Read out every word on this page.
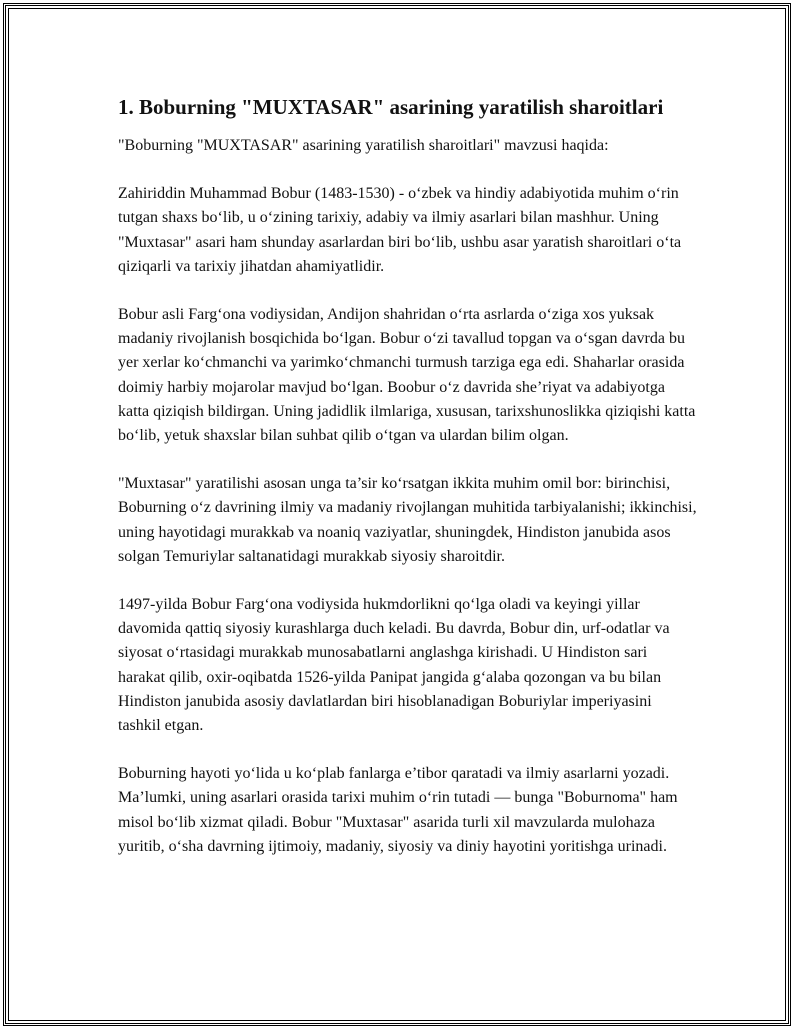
1. Boburning "MUXTASAR" asarining yaratilish sharoitlari

"Boburning "MUXTASAR" asarining yaratilish sharoitlari" mavzusi haqida:

Zahiriddin Muhammad Bobur (1483-1530) - o‘zbek va hindiy adabiyotida muhim o‘rin tutgan shaxs bo‘lib, u o‘zining tarixiy, adabiy va ilmiy asarlari bilan mashhur. Uning "Muxtasar" asari ham shunday asarlardan biri bo‘lib, ushbu asar yaratish sharoitlari o‘ta qiziqarli va tarixiy jihatdan ahamiyatlidir.

Bobur asli Farg‘ona vodiysidan, Andijon shahridan o‘rta asrlarda o‘ziga xos yuksak madaniy rivojlanish bosqichida bo‘lgan. Bobur o‘zi tavallud topgan va o‘sgan davrda bu yer xerlar ko‘chmanchi va yarimko‘chmanchi turmush tarziga ega edi. Shaharlar orasida doimiy harbiy mojarolar mavjud bo‘lgan. Boobur o‘z davrida she’riyat va adabiyotga katta qiziqish bildirgan. Uning jadidlik ilmlariga, xususan, tarixshunoslikka qiziqishi katta bo‘lib, yetuk shaxslar bilan suhbat qilib o‘tgan va ulardan bilim olgan.

"Muxtasar" yaratilishi asosan unga ta’sir ko‘rsatgan ikkita muhim omil bor: birinchisi, Boburning o‘z davrining ilmiy va madaniy rivojlangan muhitida tarbiyalanishi; ikkinchisi, uning hayotidagi murakkab va noaniq vaziyatlar, shuningdek, Hindiston janubida asos solgan Temuriylar saltanatidagi murakkab siyosiy sharoitdir.

1497-yilda Bobur Farg‘ona vodiysida hukmdorlikni qo‘lga oladi va keyingi yillar davomida qattiq siyosiy kurashlarga duch keladi. Bu davrda, Bobur din, urf-odatlar va siyosat o‘rtasidagi murakkab munosabatlarni anglashga kirishadi. U Hindiston sari harakat qilib, oxir-oqibatda 1526-yilda Panipat jangida g‘alaba qozongan va bu bilan Hindiston janubida asosiy davlatlardan biri hisoblanadigan Boburiylar imperiyasini tashkil etgan.

Boburning hayoti yo‘lida u ko‘plab fanlarga e’tibor qaratadi va ilmiy asarlarni yozadi. Ma’lumki, uning asarlari orasida tarixi muhim o‘rin tutadi — bunga "Boburnoma" ham misol bo‘lib xizmat qiladi. Bobur "Muxtasar" asarida turli xil mavzularda mulohaza yuritib, o‘sha davrning ijtimoiy, madaniy, siyosiy va diniy hayotini yoritishga urinadi.
